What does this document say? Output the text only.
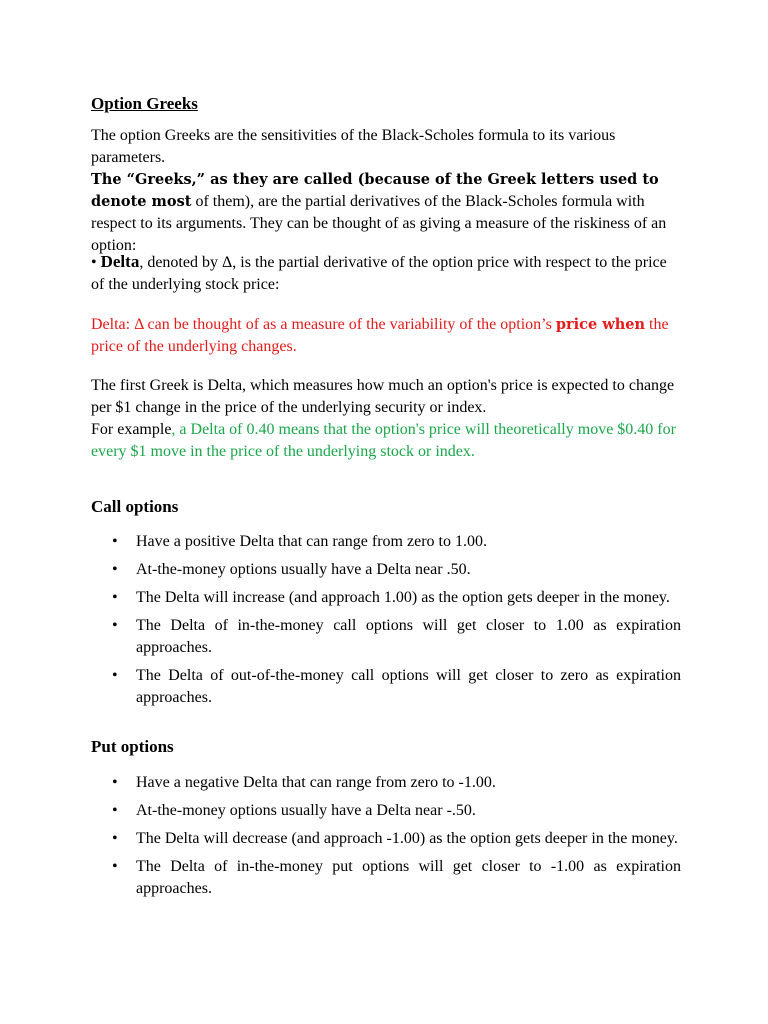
Option Greeks

The option Greeks are the sensitivities of the Black-Scholes formula to its various parameters.
The “Greeks,” as they are called (because of the Greek letters used to denote most of them), are the partial derivatives of the Black-Scholes formula with respect to its arguments. They can be thought of as giving a measure of the riskiness of an option:

• Delta, denoted by Δ, is the partial derivative of the option price with respect to the price of the underlying stock price:

Delta: Δ can be thought of as a measure of the variability of the option’s price when the price of the underlying changes.

The first Greek is Delta, which measures how much an option's price is expected to change per $1 change in the price of the underlying security or index.
For example, a Delta of 0.40 means that the option's price will theoretically move $0.40 for every $1 move in the price of the underlying stock or index.

Call options
• Have a positive Delta that can range from zero to 1.00.
• At-the-money options usually have a Delta near .50.
• The Delta will increase (and approach 1.00) as the option gets deeper in the money.
• The Delta of in-the-money call options will get closer to 1.00 as expiration approaches.
• The Delta of out-of-the-money call options will get closer to zero as expiration approaches.
Put options
• Have a negative Delta that can range from zero to -1.00.
• At-the-money options usually have a Delta near -.50.
• The Delta will decrease (and approach -1.00) as the option gets deeper in the money.
• The Delta of in-the-money put options will get closer to -1.00 as expiration approaches.
